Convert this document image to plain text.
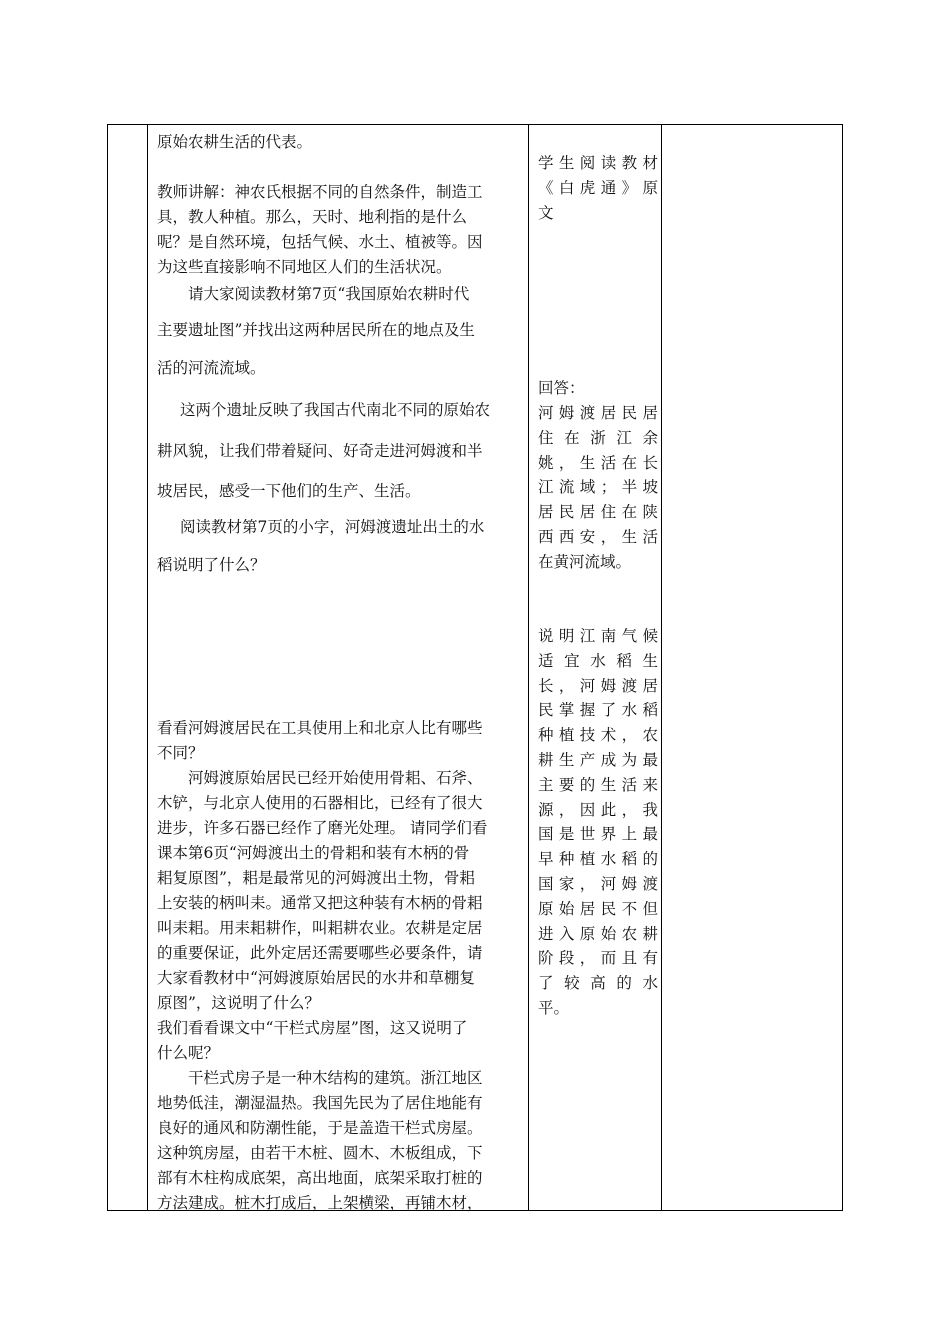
原始农耕生活的代表。
教师讲解：神农氏根据不同的自然条件，制造工
具，教人种植。那么，天时、地利指的是什么
呢？是自然环境，包括气候、水土、植被等。因
为这些直接影响不同地区人们的生活状况。
请大家阅读教材第7页“我国原始农耕时代
主要遗址图”并找出这两种居民所在的地点及生
活的河流流域。
这两个遗址反映了我国古代南北不同的原始农
耕风貌，让我们带着疑问、好奇走进河姆渡和半
坡居民，感受一下他们的生产、生活。
阅读教材第7页的小字，河姆渡遗址出土的水
稻说明了什么？
看看河姆渡居民在工具使用上和北京人比有哪些
不同？
河姆渡原始居民已经开始使用骨耜、石斧、
木铲，与北京人使用的石器相比，已经有了很大
进步，许多石器已经作了磨光处理。 请同学们看
课本第6页“河姆渡出土的骨耜和装有木柄的骨
耜复原图”，耜是最常见的河姆渡出土物，骨耜
上安装的柄叫耒。通常又把这种装有木柄的骨耜
叫耒耜。用耒耜耕作，叫耜耕农业。农耕是定居
的重要保证，此外定居还需要哪些必要条件，请
大家看教材中“河姆渡原始居民的水井和草棚复
原图”，这说明了什么？
我们看看课文中“干栏式房屋”图，这又说明了
什么呢？
干栏式房子是一种木结构的建筑。浙江地区
地势低洼，潮湿温热。我国先民为了居住地能有
良好的通风和防潮性能，于是盖造干栏式房屋。
这种筑房屋，由若干木桩、圆木、木板组成，下
部有木柱构成底架，高出地面，底架采取打桩的
方法建成。桩木打成后，上架横梁，再铺木材，
学生阅读教材
《白虎通》原
文
回答：
河姆渡居民居
住在浙江余
姚，生活在长
江流域；半坡
居民居住在陕
西西安，生活
在黄河流域。
说明江南气候
适宜水稻生
长，河姆渡居
民掌握了水稻
种植技术，农
耕生产成为最
主要的生活来
源，因此，我
国是世界上最
早种植水稻的
国家，河姆渡
原始居民不但
进入原始农耕
阶段，而且有
了较高的水
平。
